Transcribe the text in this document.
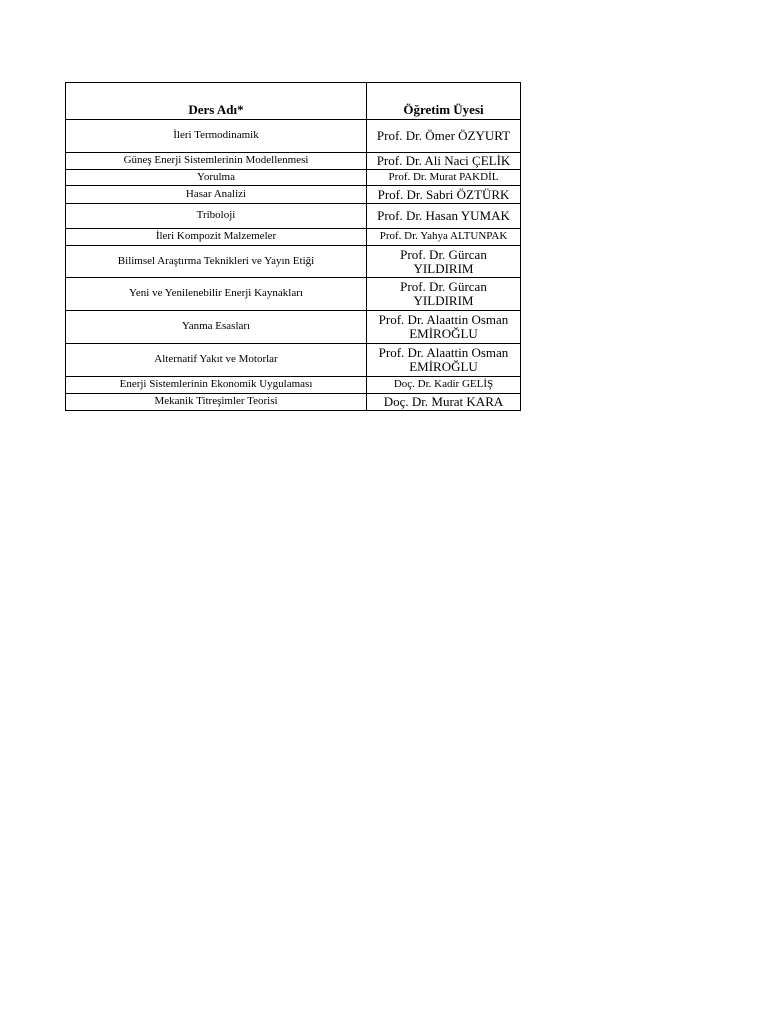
Ders Adı*	Öğretim Üyesi
İleri Termodinamik	Prof. Dr. Ömer ÖZYURT
Güneş Enerji Sistemlerinin Modellenmesi	Prof. Dr. Ali Naci ÇELİK
Yorulma	Prof. Dr. Murat PAKDİL
Hasar Analizi	Prof. Dr. Sabri ÖZTÜRK
Triboloji	Prof. Dr. Hasan YUMAK
İleri Kompozit Malzemeler	Prof. Dr. Yahya ALTUNPAK
Bilimsel Araştırma Teknikleri ve Yayın Etiği	Prof. Dr. Gürcan YILDIRIM
Yeni ve Yenilenebilir Enerji Kaynakları	Prof. Dr. Gürcan YILDIRIM
Yanma Esasları	Prof. Dr. Alaattin Osman EMİROĞLU
Alternatif Yakıt ve Motorlar	Prof. Dr. Alaattin Osman EMİROĞLU
Enerji Sistemlerinin Ekonomik Uygulaması	Doç. Dr. Kadir GELİŞ
Mekanik Titreşimler Teorisi	Doç. Dr. Murat KARA
